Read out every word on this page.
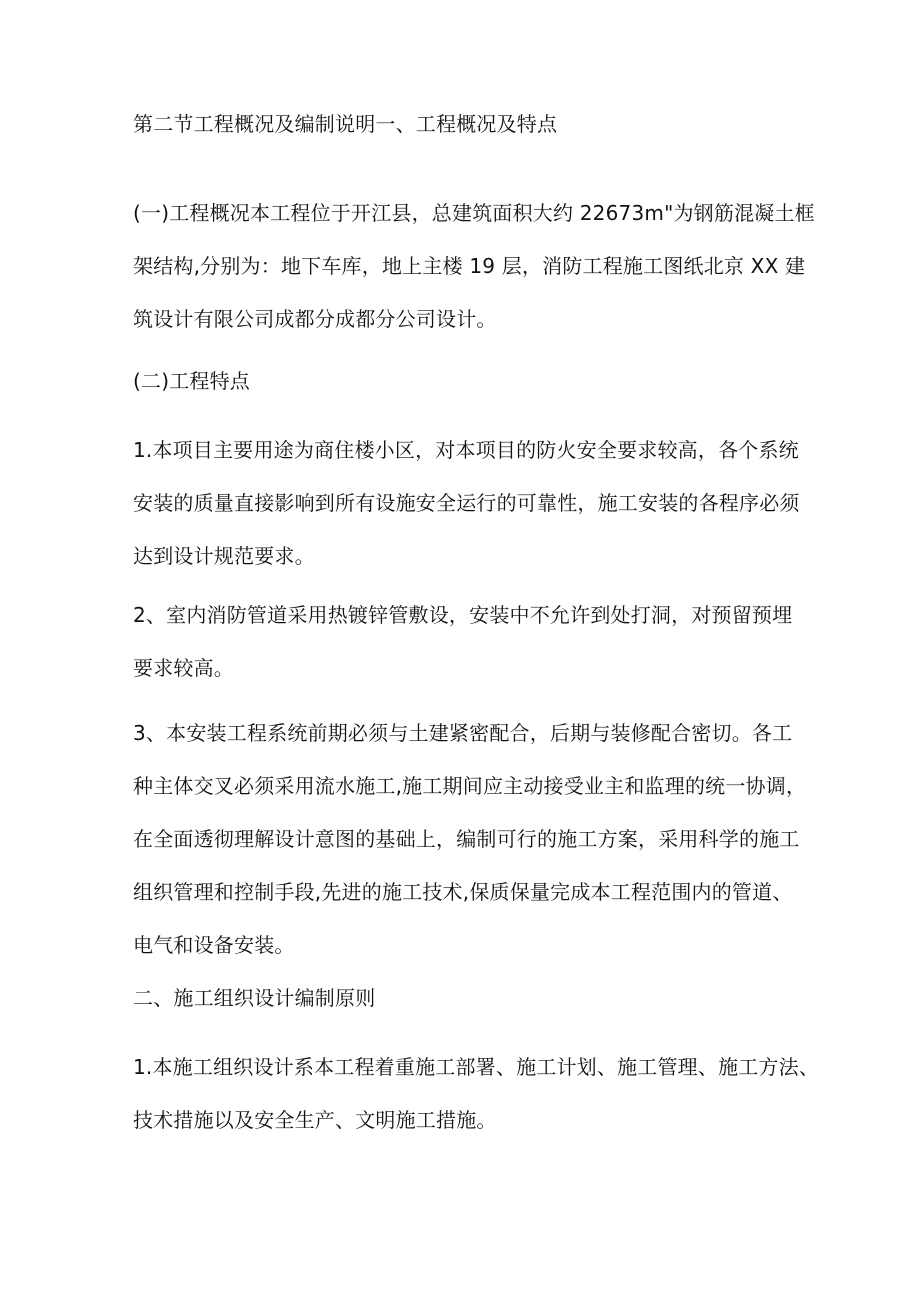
第二节工程概况及编制说明一、工程概况及特点

(一)工程概况本工程位于开江县，总建筑面积大约 22673m"为钢筋混凝土框
架结构,分别为：地下车库，地上主楼 19 层，消防工程施工图纸北京 XX 建
筑设计有限公司成都分成都分公司设计。

(二)工程特点

1.本项目主要用途为商住楼小区，对本项目的防火安全要求较高，各个系统
安装的质量直接影响到所有设施安全运行的可靠性，施工安装的各程序必须
达到设计规范要求。

2、室内消防管道采用热镀锌管敷设，安装中不允许到处打洞，对预留预埋
要求较高。

3、本安装工程系统前期必须与土建紧密配合，后期与装修配合密切。各工
种主体交叉必须采用流水施工,施工期间应主动接受业主和监理的统一协调，
在全面透彻理解设计意图的基础上，编制可行的施工方案，采用科学的施工
组织管理和控制手段,先进的施工技术,保质保量完成本工程范围内的管道、
电气和设备安装。

二、施工组织设计编制原则

1.本施工组织设计系本工程着重施工部署、施工计划、施工管理、施工方法、
技术措施以及安全生产、文明施工措施。
